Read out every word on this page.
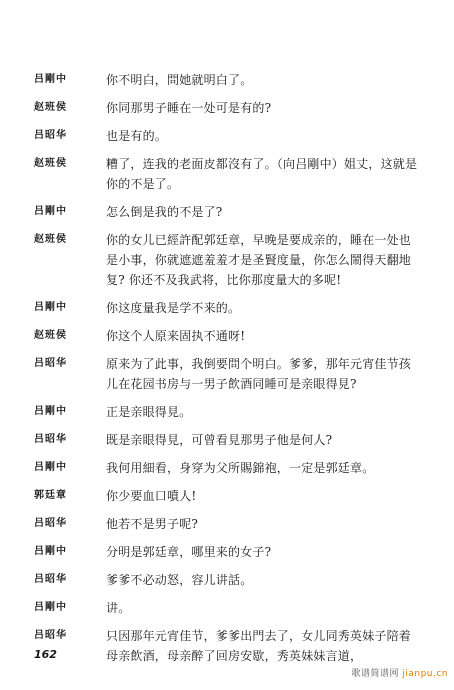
吕剛中	你不明白，問她就明白了。
赵班侯	你同那男子睡在一处可是有的?
吕昭华	也是有的。
赵班侯	糟了，连我的老面皮都沒有了。（向吕剛中）姐丈，这就是你的不是了。
吕剛中	怎么倒是我的不是了?
赵班侯	你的女儿已經許配郭廷章，早晚是要成亲的，睡在一处也是小事，你就遮遮羞羞才是圣賢度量，你怎么鬧得天翻地复? 你还不及我武将，比你那度量大的多呢!
吕剛中	你这度量我是学不来的。
赵班侯	你这个人原来固执不通呀!
吕昭华	原来为了此事，我倒要問个明白。爹爹，那年元宵佳节孩儿在花园书房与一男子飲酒同睡可是亲眼得見?
吕剛中	正是亲眼得見。
吕昭华	既是亲眼得見，可曾看見那男子他是何人?
吕剛中	我何用細看，身穿为父所賜錦袍，一定是郭廷章。
郭廷章	你少要血口噴人!
吕昭华	他若不是男子呢?
吕剛中	分明是郭廷章，哪里来的女子?
吕昭华	爹爹不必动怒，容儿讲話。
吕剛中	讲。
吕昭华	只因那年元宵佳节，爹爹出門去了，女儿同秀英妹子陪着母亲飲酒，母亲醉了回房安歇，秀英妹妹言道，
162
歌谱简谱网 jianpu.cn
